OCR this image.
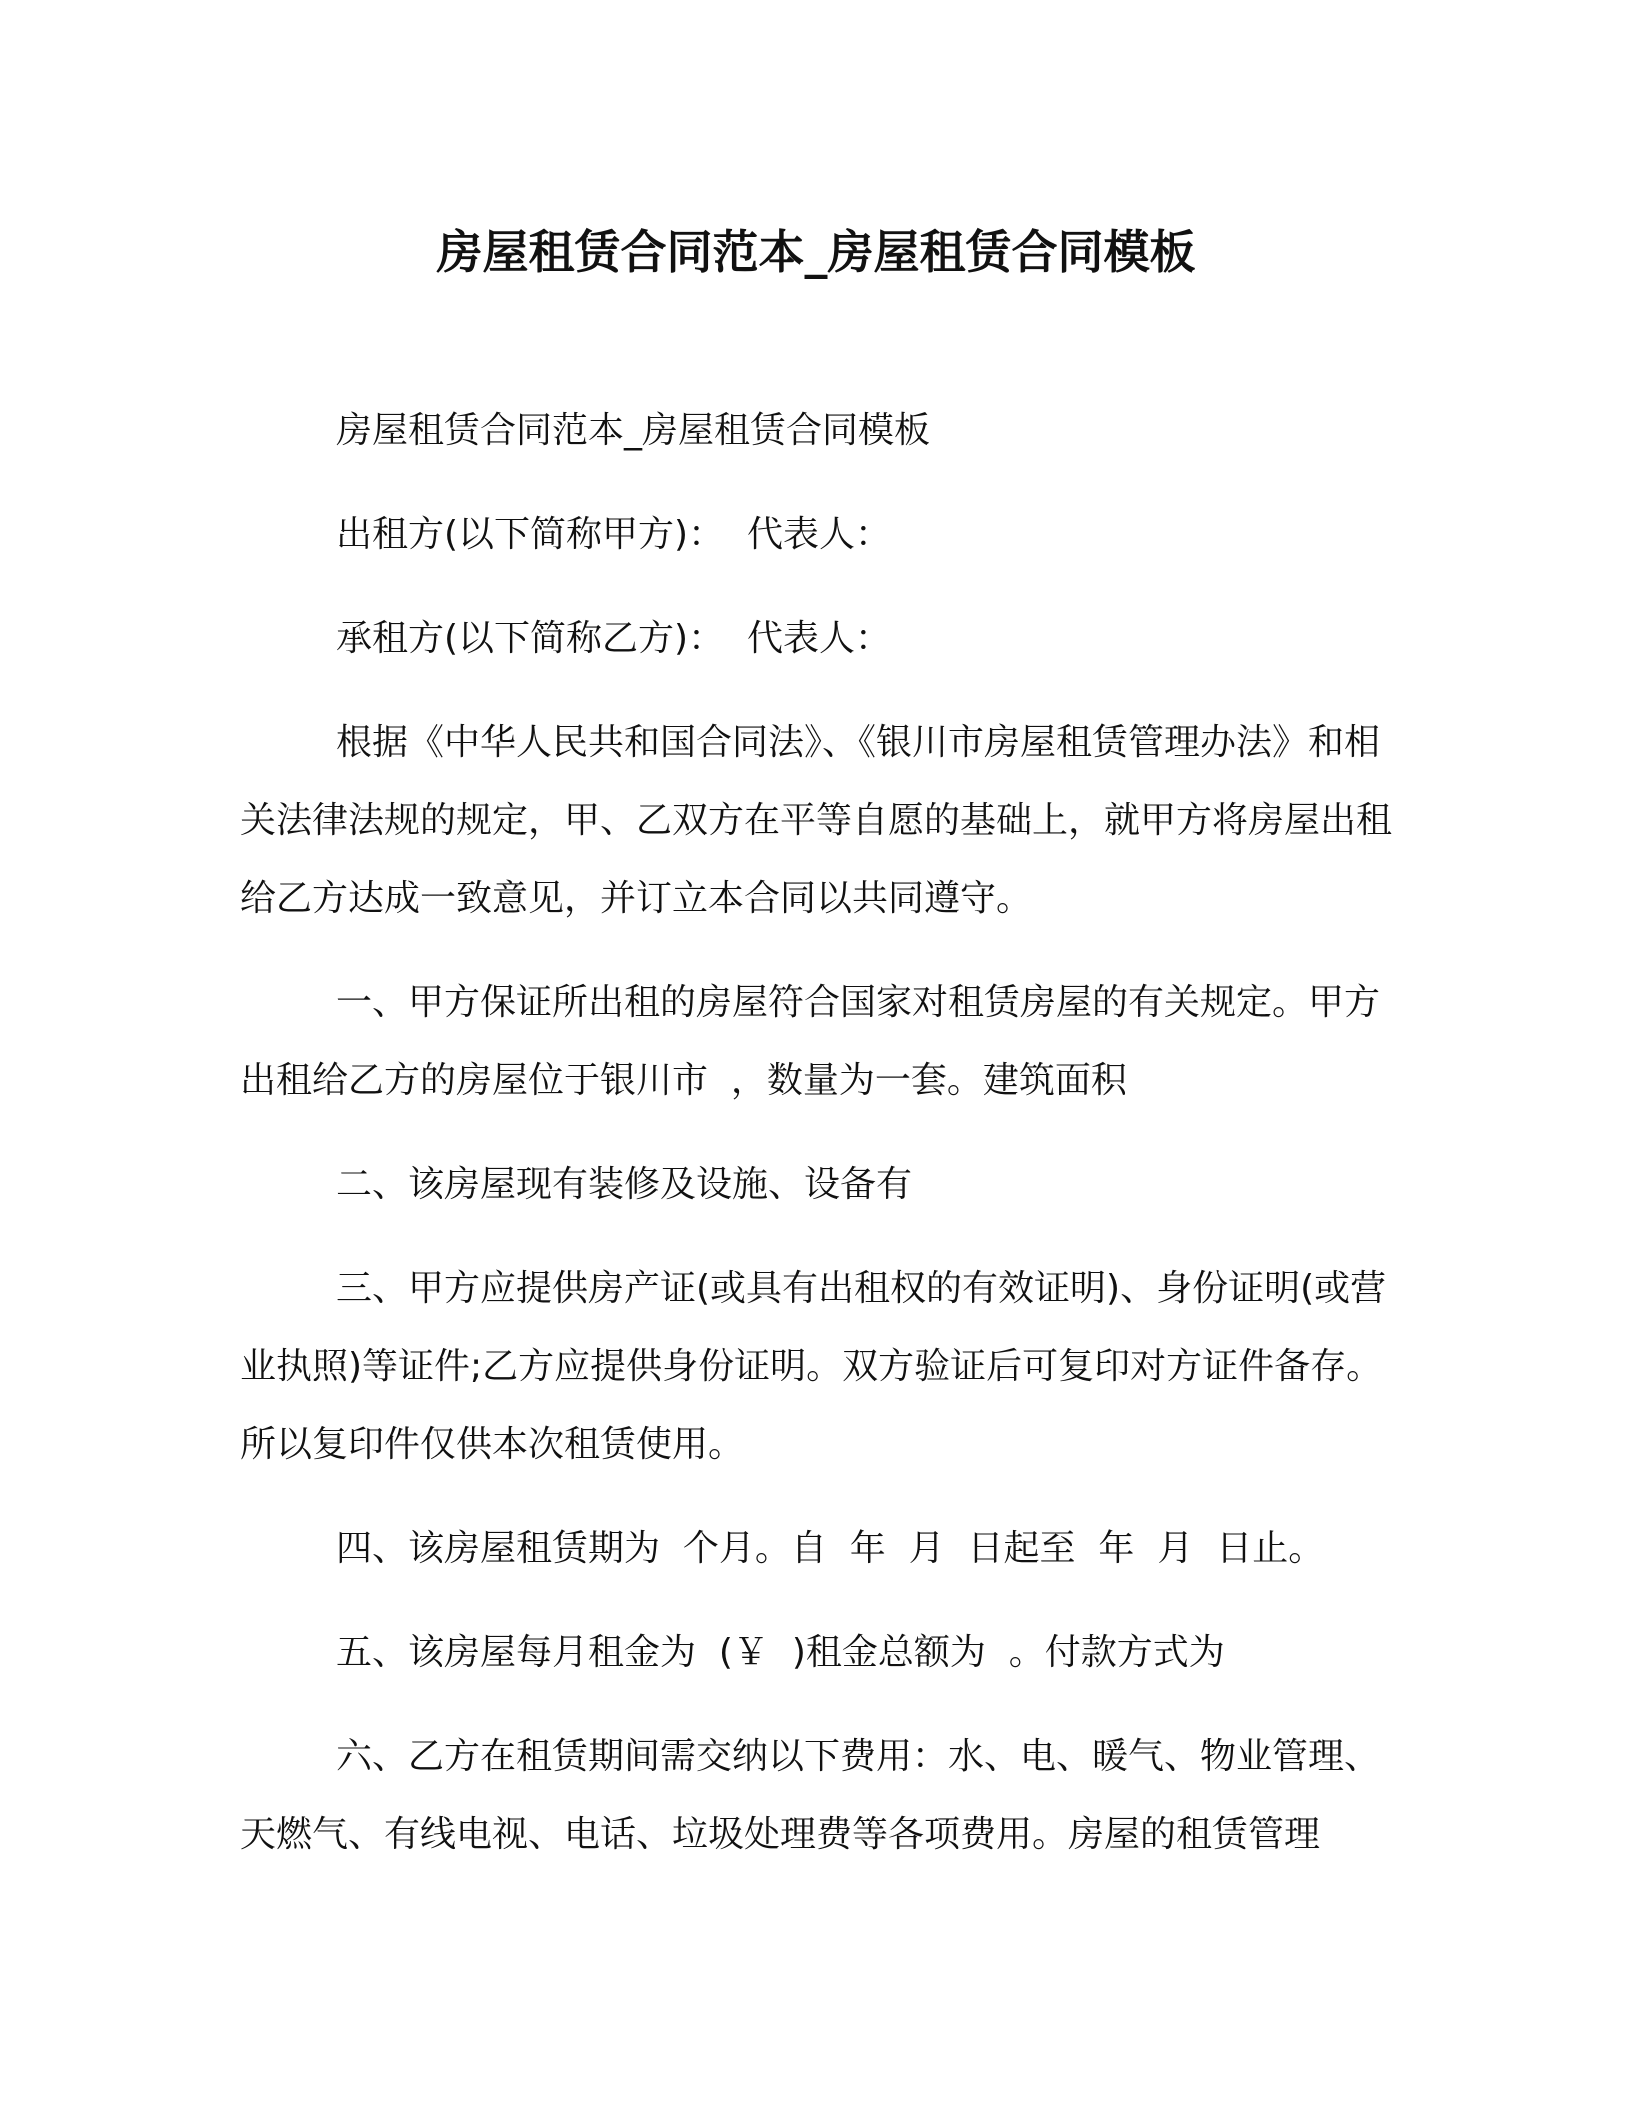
房屋租赁合同范本_房屋租赁合同模板

房屋租赁合同范本_房屋租赁合同模板

出租方(以下简称甲方)：  代表人：

承租方(以下简称乙方)：  代表人：

根据《中华人民共和国合同法》、《银川市房屋租赁管理办法》和相关法律法规的规定，甲、乙双方在平等自愿的基础上，就甲方将房屋出租给乙方达成一致意见，并订立本合同以共同遵守。

一、甲方保证所出租的房屋符合国家对租赁房屋的有关规定。甲方出租给乙方的房屋位于银川市  ，数量为一套。建筑面积

二、该房屋现有装修及设施、设备有

三、甲方应提供房产证(或具有出租权的有效证明)、身份证明(或营业执照)等证件;乙方应提供身份证明。双方验证后可复印对方证件备存。所以复印件仅供本次租赁使用。

四、该房屋租赁期为  个月。自  年  月  日起至  年  月  日止。

五、该房屋每月租金为  (￥  )租金总额为  。付款方式为

六、乙方在租赁期间需交纳以下费用：水、电、暖气、物业管理、天燃气、有线电视、电话、垃圾处理费等各项费用。房屋的租赁管理
